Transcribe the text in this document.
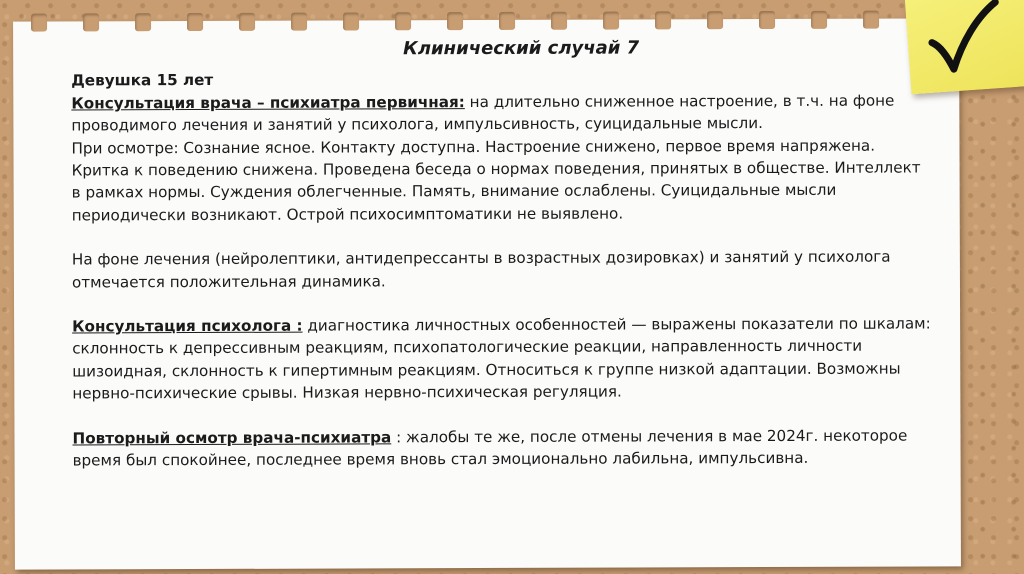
Клинический случай 7

Девушка 15 лет

Консультация врача – психиатра первичная: на длительно сниженное настроение, в т.ч. на фоне проводимого лечения и занятий у психолога, импульсивность, суицидальные мысли.

При осмотре: Сознание ясное. Контакту доступна. Настроение снижено, первое время напряжена. Критка к поведению снижена. Проведена беседа о нормах поведения, принятых в обществе. Интеллект в рамках нормы. Суждения облегченные. Память, внимание ослаблены. Суицидальные мысли периодически возникают. Острой психосимптоматики не выявлено.

На фоне лечения (нейролептики, антидепрессанты в возрастных дозировках) и занятий у психолога отмечается положительная динамика.

Консультация психолога : диагностика личностных особенностей — выражены показатели по шкалам: склонность к депрессивным реакциям, психопатологические реакции, направленность личности шизоидная, склонность к гипертимным реакциям. Относиться к группе низкой адаптации. Возможны нервно-психические срывы. Низкая нервно-психическая регуляция.

Повторный осмотр врача-психиатра : жалобы те же, после отмены лечения в мае 2024г. некоторое время был спокойнее, последнее время вновь стал эмоционально лабильна, импульсивна.
